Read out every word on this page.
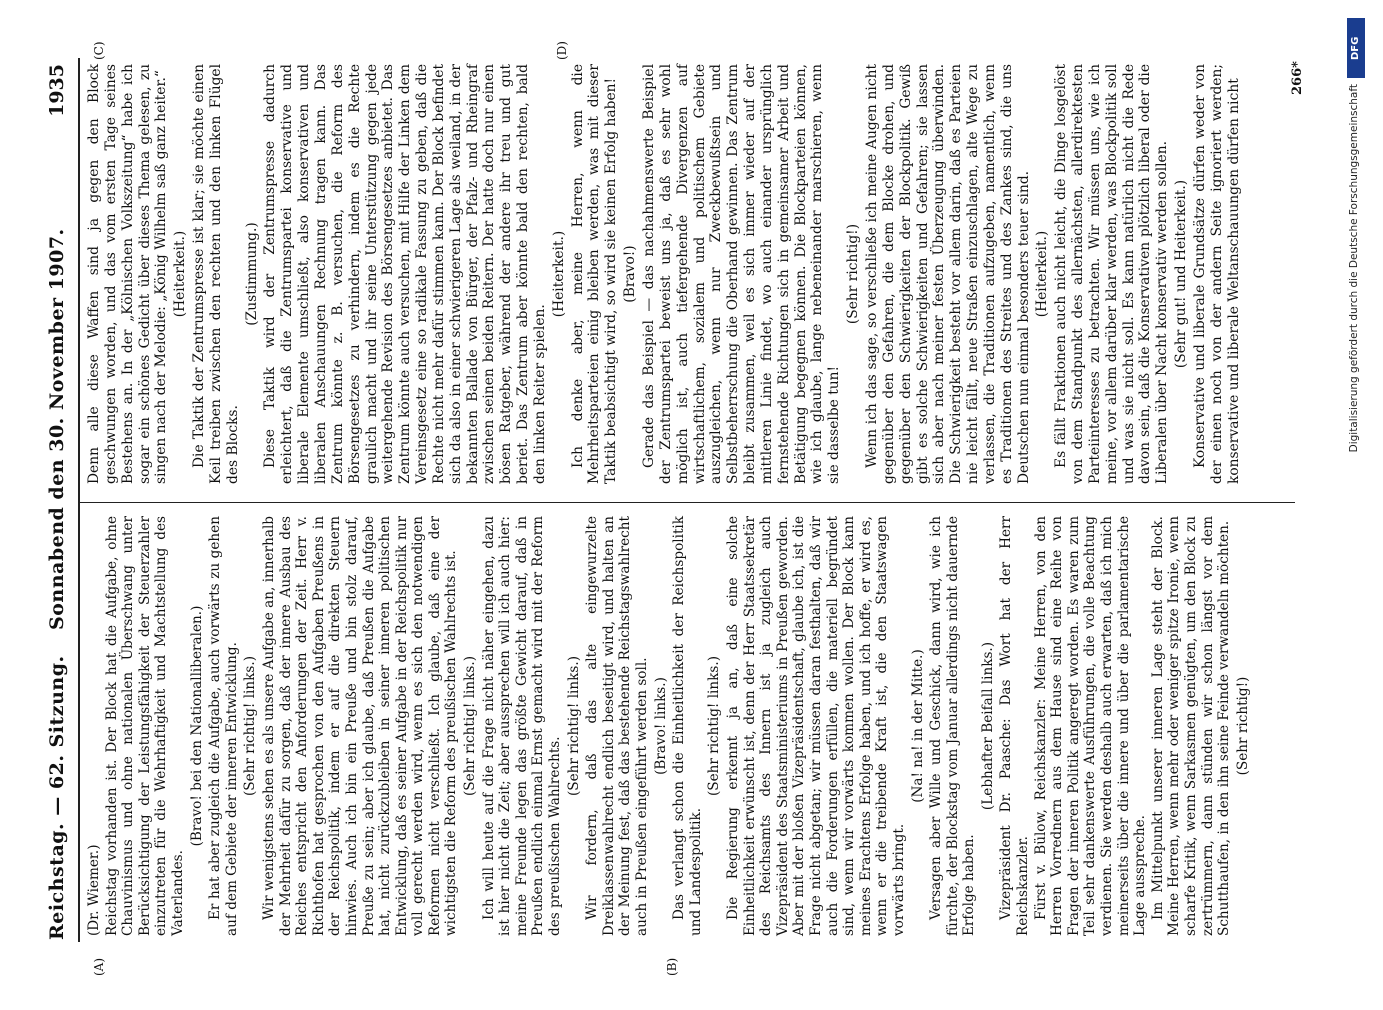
Reichstag. — 62. Sitzung.
Sonnabend den 30. November 1907.
1935
(A)	(B)
(C)	(D)

(Dr. Wiemer.) Reichstag vorhanden ist. Der Block hat die Aufgabe, ohne Chauvinismus und ohne nationalen Überschwang unter Berücksichtigung der Leistungsfähigkeit der Steuerzahler einzutreten für die Wehrhaftigkeit und Machtstellung des Vaterlandes.

(Bravo! bei den Nationalliberalen.) Er hat aber zugleich die Aufgabe, auch vorwärts zu gehen auf dem Gebiete der inneren Entwicklung. (Sehr richtig! links.) Wir wenigstens sehen es als unsere Aufgabe an, innerhalb der Mehrheit dafür zu sorgen, daß der innere Ausbau des Reiches entspricht den Anforderungen der Zeit. Herr v. Richthofen hat gesprochen von den Aufgaben Preußens in der Reichspolitik, indem er auf die direkten Steuern hinwies. Auch ich bin ein Preuße und bin stolz darauf, Preuße zu sein; aber ich glaube, daß Preußen die Aufgabe hat, nicht zurückzubleiben in seiner inneren politischen Entwicklung, daß es seiner Aufgabe in der Reichspolitik nur voll gerecht werden wird, wenn es sich den notwendigen Reformen nicht verschließt. Ich glaube, daß eine der wichtigsten die Reform des preußischen Wahlrechts ist. (Sehr richtig! links.) Ich will heute auf die Frage nicht näher eingehen, dazu ist hier nicht die Zeit; aber aussprechen will ich auch hier: meine Freunde legen das größte Gewicht darauf, daß in Preußen endlich einmal Ernst gemacht wird mit der Reform des preußischen Wahlrechts.

(Sehr richtig! links.) Wir fordern, daß das alte eingewurzelte Dreiklassenwahlrecht endlich beseitigt wird, und halten an der Meinung fest, daß das bestehende Reichstagswahlrecht auch in Preußen eingeführt werden soll. (Bravo! links.) Das verlangt schon die Einheitlichkeit der Reichspolitik und Landespolitik.

(Sehr richtig! links.) Die Regierung erkennt ja an, daß eine solche Einheitlichkeit erwünscht ist, denn der Herr Staatssekretär des Reichsamts des Innern ist ja zugleich auch Vizepräsident des Staatsministeriums in Preußen geworden. Aber mit der bloßen Vizepräsidentschaft, glaube ich, ist die Frage nicht abgetan; wir müssen daran festhalten, daß wir auch die Forderungen erfüllen, die materiell begründet sind, wenn wir vorwärts kommen wollen. Der Block kann meines Erachtens Erfolge haben, und ich hoffe, er wird es, wenn er die treibende Kraft ist, die den Staatswagen vorwärts bringt.

(Na! na! in der Mitte.) Versagen aber Wille und Geschick, dann wird, wie ich fürchte, der Blockstag vom Januar allerdings nicht dauernde Erfolge haben.

(Lebhafter Beifall links.) Vizepräsident Dr. Paasche: Das Wort hat der Herr Reichskanzler. Fürst v. Bülow, Reichskanzler: Meine Herren, von den Herren Vorrednern aus dem Hause sind eine Reihe von Fragen der inneren Politik angeregt worden. Es waren zum Teil sehr dankenswerte Ausführungen, die volle Beachtung verdienen. Sie werden deshalb auch erwarten, daß ich mich meinerseits über die innere und über die parlamentarische Lage ausspreche. Im Mittelpunkt unserer inneren Lage steht der Block. Meine Herren, wenn mehr oder weniger spitze Ironie, wenn scharfe Kritik, wenn Sarkasmen genügten, um den Block zu zertrümmern, dann stünden wir schon längst vor dem Schutthaufen, in den ihn seine Feinde verwandeln möchten. (Sehr richtig!)

Denn alle diese Waffen sind ja gegen den Block geschwungen worden, und das vom ersten Tage seines Bestehens an. In der „Kölnischen Volkszeitung“ habe ich sogar ein schönes Gedicht über dieses Thema gelesen, zu singen nach der Melodie: „König Wilhelm saß ganz heiter.“ (Heiterkeit.) Die Taktik der Zentrumspresse ist klar; sie möchte einen Keil treiben zwischen den rechten und den linken Flügel des Blocks.

(Zustimmung.) Diese Taktik wird der Zentrumspresse dadurch erleichtert, daß die Zentrumspartei konservative und liberale Elemente umschließt, also konservativen und liberalen Anschauungen Rechnung tragen kann. Das Zentrum könnte z. B. versuchen, die Reform des Börsengesetzes zu verhindern, indem es die Rechte graulich macht und ihr seine Unterstützung gegen jede weitergehende Revision des Börsengesetzes anbietet. Das Zentrum könnte auch versuchen, mit Hilfe der Linken dem Vereinsgesetz eine so radikale Fassung zu geben, daß die Rechte nicht mehr dafür stimmen kann. Der Block befindet sich da also in einer schwierigeren Lage als weiland, in der bekannten Ballade von Bürger, der Pfalz- und Rheingraf zwischen seinen beiden Reitern. Der hatte doch nur einen bösen Ratgeber, während der andere ihr treu und gut beriet. Das Zentrum aber könnte bald den rechten, bald den linken Reiter spielen.

(Heiterkeit.) Ich denke aber, meine Herren, wenn die Mehrheitsparteien einig bleiben werden, was mit dieser Taktik beabsichtigt wird, so wird sie keinen Erfolg haben! (Bravo!) Gerade das Beispiel — das nachahmenswerte Beispiel der Zentrumspartei beweist uns ja, daß es sehr wohl möglich ist, auch tiefergehende Divergenzen auf wirtschaftlichem, sozialem und politischem Gebiete auszugleichen, wenn nur Zweckbewußtsein und Selbstbeherrschung die Oberhand gewinnen. Das Zentrum bleibt zusammen, weil es sich immer wieder auf der mittleren Linie findet, wo auch einander ursprünglich fernstehende Richtungen sich in gemeinsamer Arbeit und Betätigung begegnen können. Die Blockparteien können, wie ich glaube, lange nebeneinander marschieren, wenn sie dasselbe tun!

(Sehr richtig!) Wenn ich das sage, so verschließe ich meine Augen nicht gegenüber den Gefahren, die dem Blocke drohen, und gegenüber den Schwierigkeiten der Blockpolitik. Gewiß gibt es solche Schwierigkeiten und Gefahren; sie lassen sich aber nach meiner festen Überzeugung überwinden. Die Schwierigkeit besteht vor allem darin, daß es Parteien nie leicht fällt, neue Straßen einzuschlagen, alte Wege zu verlassen, die Traditionen aufzugeben, namentlich, wenn es Traditionen des Streites und des Zankes sind, die uns Deutschen nun einmal besonders teuer sind. (Heiterkeit.) Es fällt Fraktionen auch nicht leicht, die Dinge losgelöst von dem Standpunkt des allernächsten, allerdirektesten Parteiinteresses zu betrachten. Wir müssen uns, wie ich meine, vor allem darüber klar werden, was Blockpolitik soll und was sie nicht soll. Es kann natürlich nicht die Rede davon sein, daß die Konservativen plötzlich liberal oder die Liberalen über Nacht konservativ werden sollen. (Sehr gut! und Heiterkeit.) Konservative und liberale Grundsätze dürfen weder von der einen noch von der andern Seite ignoriert werden; konservative und liberale Weltanschauungen dürfen nicht

266*
DFG
Digitalisierung gefördert durch die Deutsche Forschungsgemeinschaft
